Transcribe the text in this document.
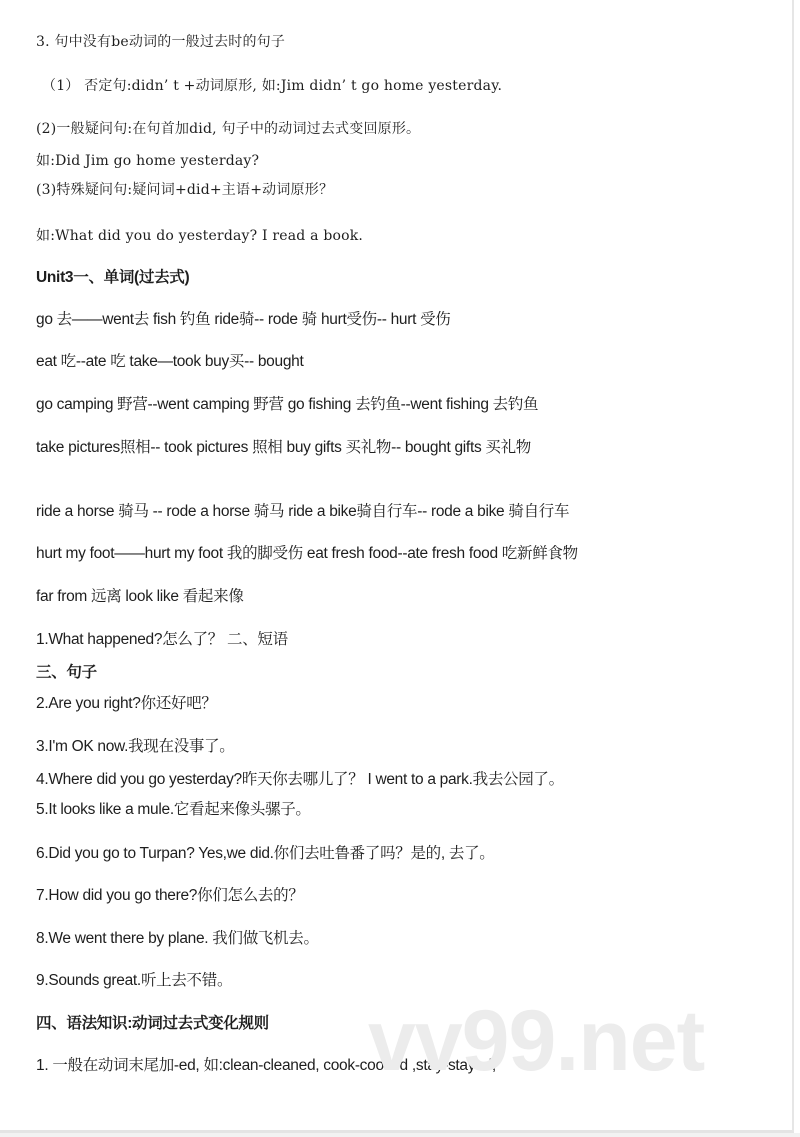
3. 句中没有be动词的一般过去时的句子
（1） 否定句:didn’ t +动词原形, 如:Jim didn’ t go home yesterday.
(2)一般疑问句:在句首加did, 句子中的动词过去式变回原形。
如:Did Jim go home yesterday?
(3)特殊疑问句:疑问词+did+主语+动词原形？
如:What did you do yesterday? I read a book.
Unit3一、单词(过去式)
go 去——went去 fish 钓鱼 ride骑-- rode 骑 hurt受伤-- hurt 受伤
eat 吃--ate 吃 take—took buy买-- bought
go camping 野营--went camping 野营 go fishing 去钓鱼--went fishing 去钓鱼
take pictures照相-- took pictures 照相 buy gifts 买礼物-- bought gifts 买礼物
ride a horse 骑马 -- rode a horse 骑马 ride a bike骑自行车-- rode a bike 骑自行车
hurt my foot——hurt my foot 我的脚受伤 eat fresh food--ate fresh food 吃新鲜食物
far from 远离 look like 看起来像
1.What happened?怎么了？ 二、短语
三、句子
2.Are you right?你还好吧？
3.I'm OK now.我现在没事了。
4.Where did you go yesterday?昨天你去哪儿了？ I went to a park.我去公园了。
5.It looks like a mule.它看起来像头骡子。
6.Did you go to Turpan? Yes,we did.你们去吐鲁番了吗？是的, 去了。
7.How did you go there?你们怎么去的？
8.We went there by plane. 我们做飞机去。
9.Sounds great.听上去不错。
四、语法知识:动词过去式变化规则
1. 一般在动词末尾加-ed, 如:clean-cleaned, cook-cooked ,stay-stayed,
vv99.net
